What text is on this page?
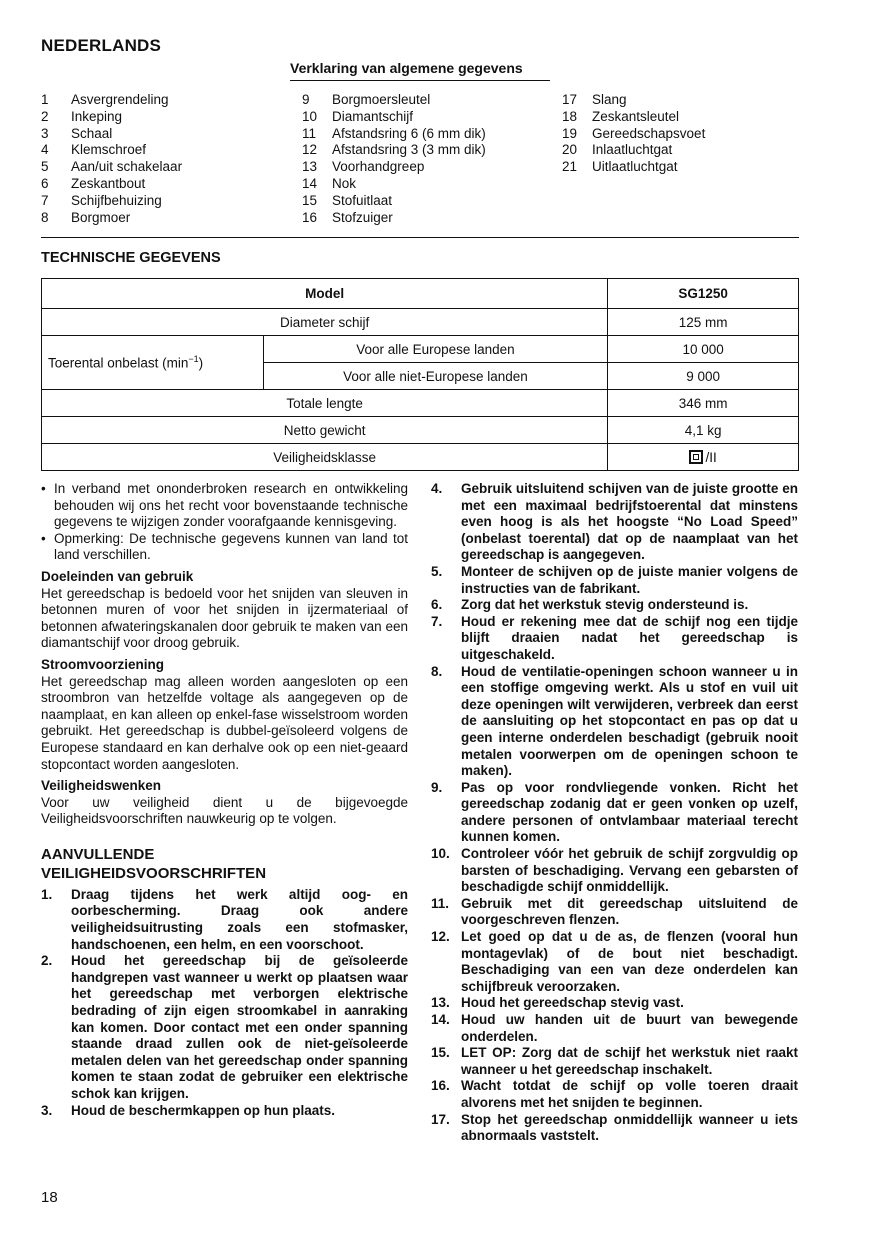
NEDERLANDS
Verklaring van algemene gegevens
1	Asvergrendeling
2	Inkeping
3	Schaal
4	Klemschroef
5	Aan/uit schakelaar
6	Zeskantbout
7	Schijfbehuizing
8	Borgmoer
9	Borgmoersleutel
10	Diamantschijf
11	Afstandsring 6 (6 mm dik)
12	Afstandsring 3 (3 mm dik)
13	Voorhandgreep
14	Nok
15	Stofuitlaat
16	Stofzuiger
17	Slang
18	Zeskantsleutel
19	Gereedschapsvoet
20	Inlaatluchtgat
21	Uitlaatluchtgat
TECHNISCHE GEGEVENS
Model		SG1250
Diameter schijf		125 mm
Toerental onbelast $(\min^{-1})$	Voor alle Europese landen	10 000
	Voor alle niet-Europese landen	9 000
Totale lengte		346 mm
Netto gewicht		4,1 kg
Veiligheidsklasse		/II
• In verband met ononderbroken research en ontwikkeling behouden wij ons het recht voor bovenstaande technische gegevens te wijzigen zonder voorafgaande kennisgeving.
• Opmerking: De technische gegevens kunnen van land tot land verschillen.
Doeleinden van gebruik
Het gereedschap is bedoeld voor het snijden van sleuven in betonnen muren of voor het snijden in ijzermateriaal of betonnen afwateringskanalen door gebruik te maken van een diamantschijf voor droog gebruik.
Stroomvoorziening
Het gereedschap mag alleen worden aangesloten op een stroombron van hetzelfde voltage als aangegeven op de naamplaat, en kan alleen op enkel-fase wisselstroom worden gebruikt. Het gereedschap is dubbel-geïsoleerd volgens de Europese standaard en kan derhalve ook op een niet-geaard stopcontact worden aangesloten.
Veiligheidswenken
Voor uw veiligheid dient u de bijgevoegde Veiligheidsvoorschriften nauwkeurig op te volgen.
AANVULLENDE
VEILIGHEIDSVOORSCHRIFTEN
1.	Draag tijdens het werk altijd oog- en oorbescherming. Draag ook andere veiligheidsuitrusting zoals een stofmasker, handschoenen, een helm, en een voorschoot.
2.	Houd het gereedschap bij de geïsoleerde handgrepen vast wanneer u werkt op plaatsen waar het gereedschap met verborgen elektrische bedrading of zijn eigen stroomkabel in aanraking kan komen. Door contact met een onder spanning staande draad zullen ook de niet-geïsoleerde metalen delen van het gereedschap onder spanning komen te staan zodat de gebruiker een elektrische schok kan krijgen.
3.	Houd de beschermkappen op hun plaats.
4.	Gebruik uitsluitend schijven van de juiste grootte en met een maximaal bedrijfstoerental dat minstens even hoog is als het hoogste “No Load Speed” (onbelast toerental) dat op de naamplaat van het gereedschap is aangegeven.
5.	Monteer de schijven op de juiste manier volgens de instructies van de fabrikant.
6.	Zorg dat het werkstuk stevig ondersteund is.
7.	Houd er rekening mee dat de schijf nog een tijdje blijft draaien nadat het gereedschap is uitgeschakeld.
8.	Houd de ventilatie-openingen schoon wanneer u in een stoffige omgeving werkt. Als u stof en vuil uit deze openingen wilt verwijderen, verbreek dan eerst de aansluiting op het stopcontact en pas op dat u geen interne onderdelen beschadigt (gebruik nooit metalen voorwerpen om de openingen schoon te maken).
9.	Pas op voor rondvliegende vonken. Richt het gereedschap zodanig dat er geen vonken op uzelf, andere personen of ontvlambaar materiaal terecht kunnen komen.
10. Controleer vóór het gebruik de schijf zorgvuldig op barsten of beschadiging. Vervang een gebarsten of beschadigde schijf onmiddellijk.
11. Gebruik met dit gereedschap uitsluitend de voorgeschreven flenzen.
12. Let goed op dat u de as, de flenzen (vooral hun montagevlak) of de bout niet beschadigt. Beschadiging van een van deze onderdelen kan schijfbreuk veroorzaken.
13. Houd het gereedschap stevig vast.
14. Houd uw handen uit de buurt van bewegende onderdelen.
15. LET OP: Zorg dat de schijf het werkstuk niet raakt wanneer u het gereedschap inschakelt.
16. Wacht totdat de schijf op volle toeren draait alvorens met het snijden te beginnen.
17. Stop het gereedschap onmiddellijk wanneer u iets abnormaals vaststelt.
18
